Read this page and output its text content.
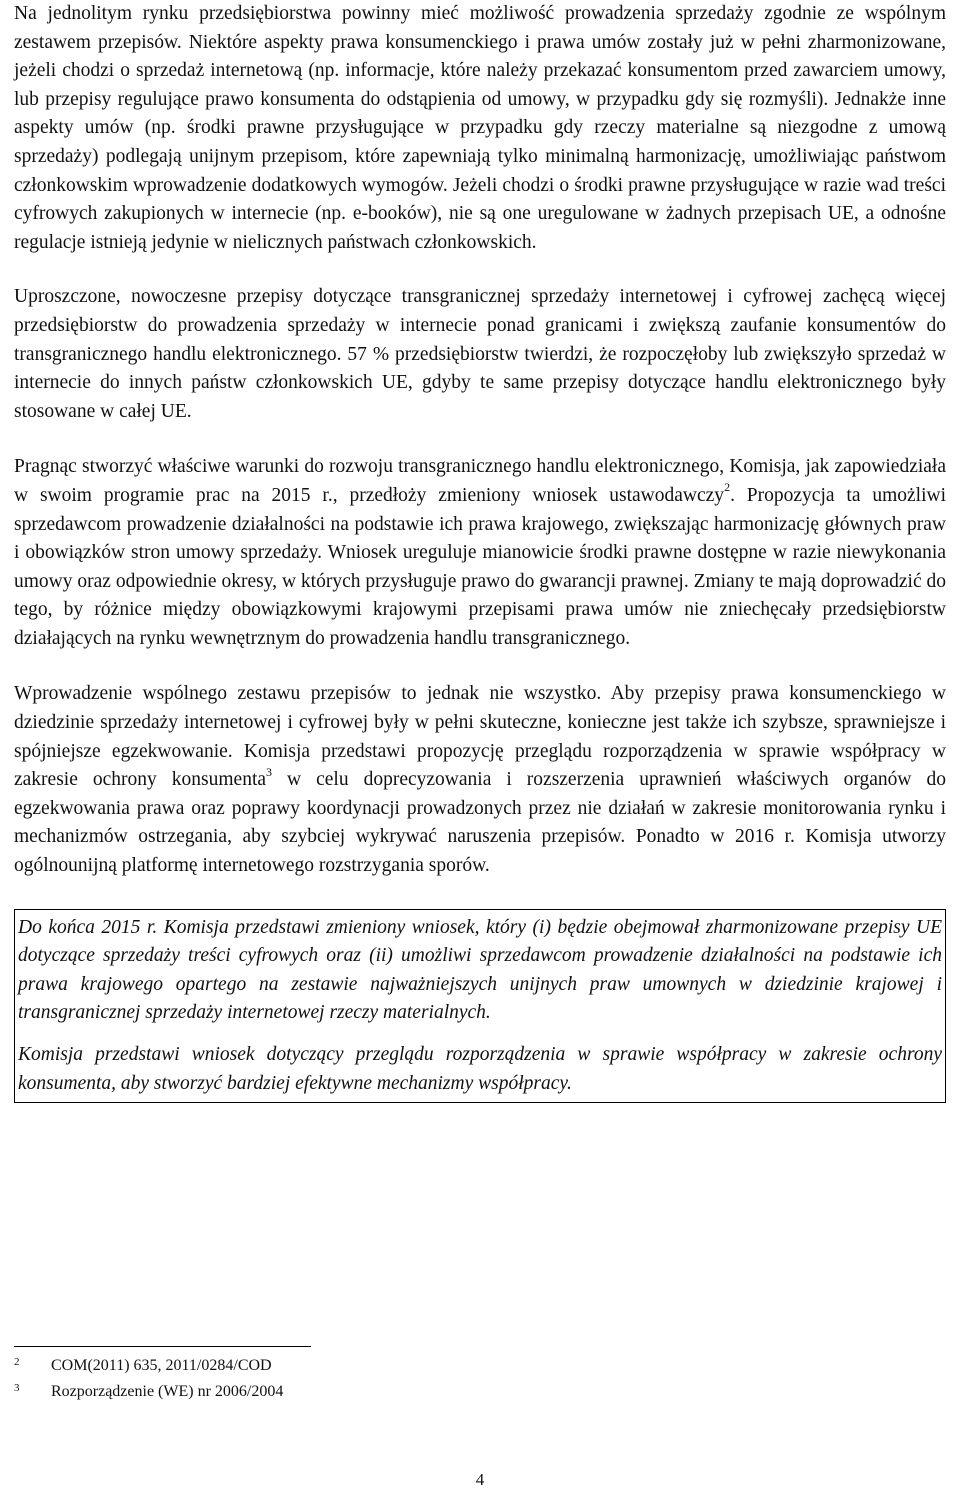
Na jednolitym rynku przedsiębiorstwa powinny mieć możliwość prowadzenia sprzedaży zgodnie ze wspólnym zestawem przepisów. Niektóre aspekty prawa konsumenckiego i prawa umów zostały już w pełni zharmonizowane, jeżeli chodzi o sprzedaż internetową (np. informacje, które należy przekazać konsumentom przed zawarciem umowy, lub przepisy regulujące prawo konsumenta do odstąpienia od umowy, w przypadku gdy się rozmyśli). Jednakże inne aspekty umów (np. środki prawne przysługujące w przypadku gdy rzeczy materialne są niezgodne z umową sprzedaży) podlegają unijnym przepisom, które zapewniają tylko minimalną harmonizację, umożliwiając państwom członkowskim wprowadzenie dodatkowych wymogów. Jeżeli chodzi o środki prawne przysługujące w razie wad treści cyfrowych zakupionych w internecie (np. e-booków), nie są one uregulowane w żadnych przepisach UE, a odnośne regulacje istnieją jedynie w nielicznych państwach członkowskich.

Uproszczone, nowoczesne przepisy dotyczące transgranicznej sprzedaży internetowej i cyfrowej zachęcą więcej przedsiębiorstw do prowadzenia sprzedaży w internecie ponad granicami i zwiększą zaufanie konsumentów do transgranicznego handlu elektronicznego. 57 % przedsiębiorstw twierdzi, że rozpoczęłoby lub zwiększyło sprzedaż w internecie do innych państw członkowskich UE, gdyby te same przepisy dotyczące handlu elektronicznego były stosowane w całej UE.

Pragnąc stworzyć właściwe warunki do rozwoju transgranicznego handlu elektronicznego, Komisja, jak zapowiedziała w swoim programie prac na 2015 r., przedłoży zmieniony wniosek ustawodawczy$^2$. Propozycja ta umożliwi sprzedawcom prowadzenie działalności na podstawie ich prawa krajowego, zwiększając harmonizację głównych praw i obowiązków stron umowy sprzedaży. Wniosek ureguluje mianowicie środki prawne dostępne w razie niewykonania umowy oraz odpowiednie okresy, w których przysługuje prawo do gwarancji prawnej. Zmiany te mają doprowadzić do tego, by różnice między obowiązkowymi krajowymi przepisami prawa umów nie zniechęcały przedsiębiorstw działających na rynku wewnętrznym do prowadzenia handlu transgranicznego.

Wprowadzenie wspólnego zestawu przepisów to jednak nie wszystko. Aby przepisy prawa konsumenckiego w dziedzinie sprzedaży internetowej i cyfrowej były w pełni skuteczne, konieczne jest także ich szybsze, sprawniejsze i spójniejsze egzekwowanie. Komisja przedstawi propozycję przeglądu rozporządzenia w sprawie współpracy w zakresie ochrony konsumenta$^3$ w celu doprecyzowania i rozszerzenia uprawnień właściwych organów do egzekwowania prawa oraz poprawy koordynacji prowadzonych przez nie działań w zakresie monitorowania rynku i mechanizmów ostrzegania, aby szybciej wykrywać naruszenia przepisów. Ponadto w 2016 r. Komisja utworzy ogólnounijną platformę internetowego rozstrzygania sporów.

Do końca 2015 r. Komisja przedstawi zmieniony wniosek, który (i) będzie obejmował zharmonizowane przepisy UE dotyczące sprzedaży treści cyfrowych oraz (ii) umożliwi sprzedawcom prowadzenie działalności na podstawie ich prawa krajowego opartego na zestawie najważniejszych unijnych praw umownych w dziedzinie krajowej i transgranicznej sprzedaży internetowej rzeczy materialnych.

Komisja przedstawi wniosek dotyczący przeglądu rozporządzenia w sprawie współpracy w zakresie ochrony konsumenta, aby stworzyć bardziej efektywne mechanizmy współpracy.

2	COM(2011) 635, 2011/0284/COD
3	Rozporządzenie (WE) nr 2006/2004
4
